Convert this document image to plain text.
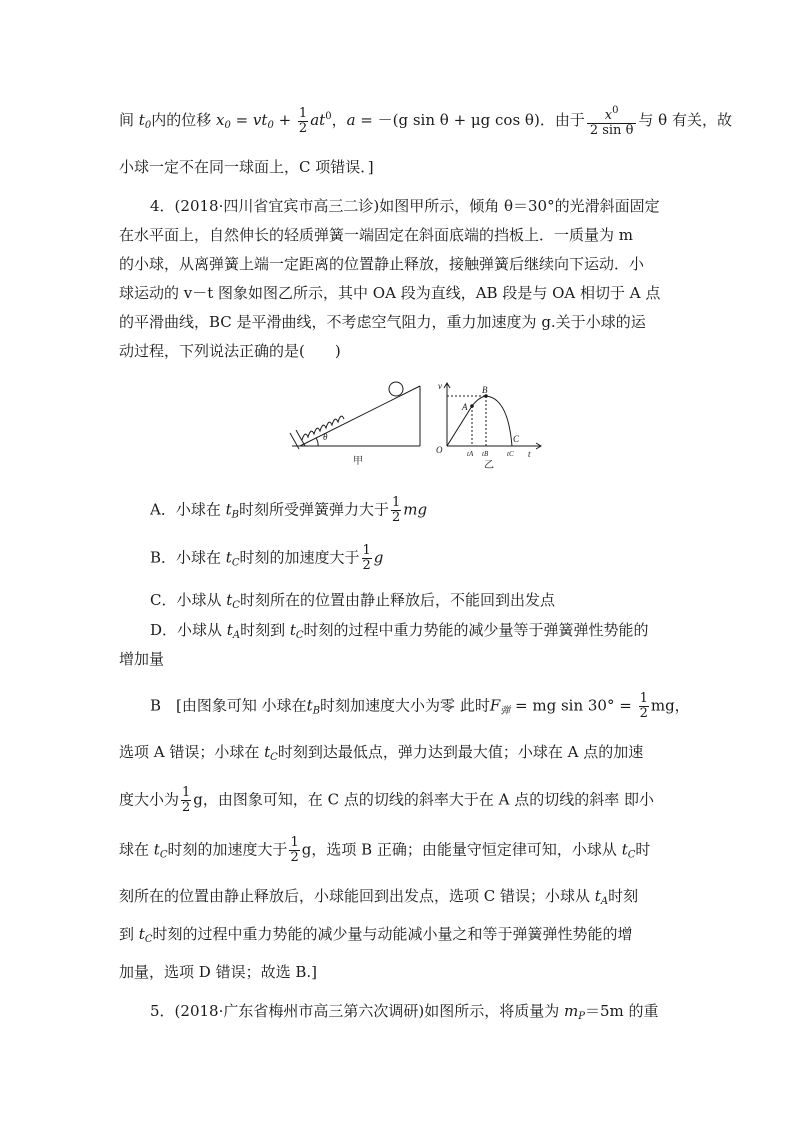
间 $t_0$内的位移 $x_0 = vt_0 + \frac{1}{2} at^0$，a = －(g sin θ + μg cos θ)．由于 $\frac{x^0}{\text{2 sin θ}}$ 与 θ 有关，故
小球一定不在同一球面上，C 项错误．]
4．(2018·四川省宜宾市高三二诊)如图甲所示，倾角 θ＝30°的光滑斜面固定
在水平面上，自然伸长的轻质弹簧一端固定在斜面底端的挡板上．一质量为 m
的小球，从离弹簧上端一定距离的位置静止释放，接触弹簧后继续向下运动．小
球运动的 v－t 图象如图乙所示，其中 OA 段为直线，AB 段是与 OA 相切于 A 点
的平滑曲线，BC 是平滑曲线，不考虑空气阻力，重力加速度为 g.关于小球的运
动过程，下列说法正确的是(　　)
θ
甲
v
t
O
A
B
C
tA tB	tC
乙
A．小球在 $t_B$时刻所受弹簧弹力大于 $\frac{1}{2}$ mg
B．小球在 $t_C$时刻的加速度大于 $\frac{1}{2}$ g
C．小球从 $t_C$时刻所在的位置由静止释放后，不能回到出发点
D．小球从 $t_A$时刻到 $t_C$时刻的过程中重力势能的减少量等于弹簧弹性势能的
增加量
B　[由图象可知 小球在$t_B$时刻加速度大小为零 此时$F_弹$ = mg $\sin 30^\circ = \frac{1}{2}$ mg，
选项 A 错误；小球在 $t_C$时刻到达最低点，弹力达到最大值；小球在 A 点的加速
度大小为 $\frac{1}{2}$ g，由图象可知，在 C 点的切线的斜率大于在 A 点的切线的斜率 即小
球在 $t_C$时刻的加速度大于 $\frac{1}{2}$ g，选项 B 正确；由能量守恒定律可知，小球从 $t_C$时
刻所在的位置由静止释放后，小球能回到出发点，选项 C 错误；小球从 $t_A$时刻
到 $t_C$时刻的过程中重力势能的减少量与动能减小量之和等于弹簧弹性势能的增
加量，选项 D 错误；故选 B.]
5．(2018·广东省梅州市高三第六次调研)如图所示，将质量为 $m_P=5m$ 的重
